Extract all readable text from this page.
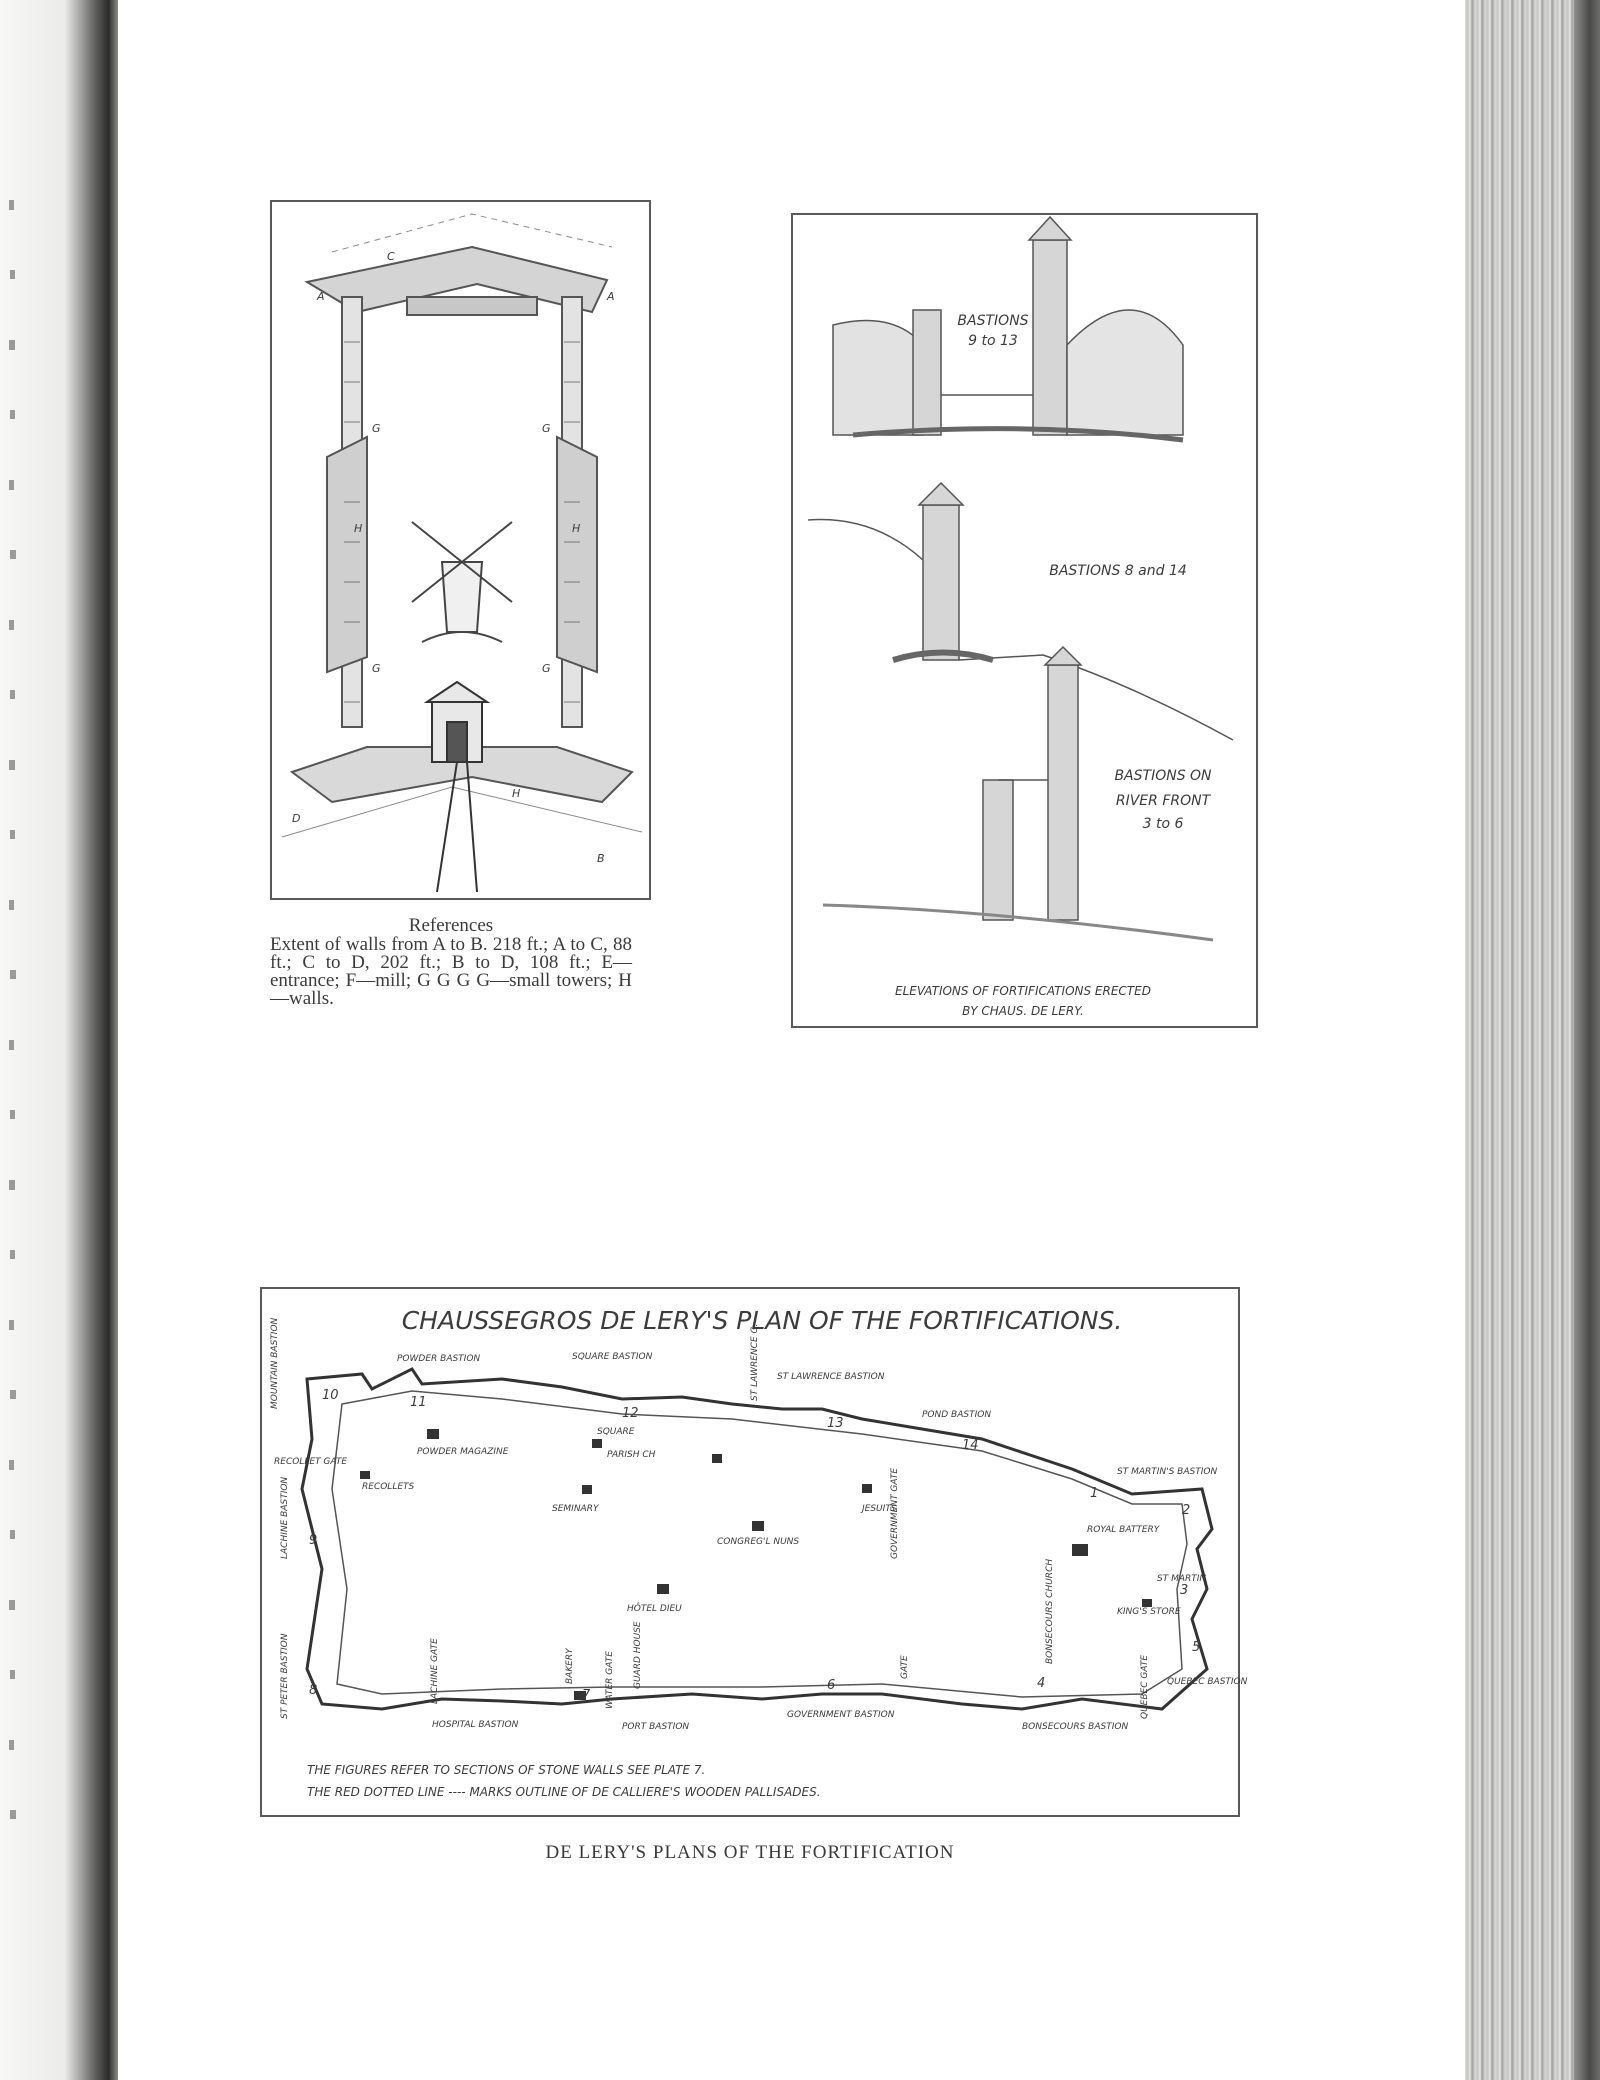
A	A
C
D
B
G	G
G	G
H	H
H
References
Extent of walls from A to B. 218 ft.; A to C, 88 ft.; C to D, 202 ft.; B to D, 108 ft.; E—entrance; F—mill; G G G G—small towers; H—walls.
BASTIONS
9 to 13
BASTIONS 8 and 14
BASTIONS ON
RIVER FRONT
3 to 6
ELEVATIONS OF FORTIFICATIONS ERECTED
BY CHAUS. DE LERY.
CHAUSSEGROS DE LERY'S PLAN OF THE FORTIFICATIONS.
10	11
12
13
14
1
2
3
4
5
6
7
8
9
MOUNTAIN BASTION	POWDER BASTION	SQUARE BASTION	ST LAWRENCE G. ST LAWRENCE BASTION
POND BASTION
ST MARTIN'S BASTION
ROYAL BATTERY
ST MARTIN
KING'S STORE
QUEBEC BASTION
QUEBEC GATE
BONSECOURS CHURCH
BONSECOURS BASTION
GATE
GOVERNMENT GATE
GOVERNMENT BASTION
GUARD HOUSE
WATER GATE
BAKERY
PORT BASTION
HOSPITAL BASTION
LACHINE GATE
ST PETER BASTION
LACHINE BASTION
RECOLLET GATE
POWDER MAGAZINE
RECOLLETS
SQUARE
PARISH CH
SEMINARY	JESUITS
CONGREG'L NUNS
HÔTEL DIEU
THE FIGURES REFER TO SECTIONS OF STONE WALLS SEE PLATE 7.
THE RED DOTTED LINE ---- MARKS OUTLINE OF DE CALLIERE'S WOODEN PALLISADES.
DE LERY'S PLANS OF THE FORTIFICATION
